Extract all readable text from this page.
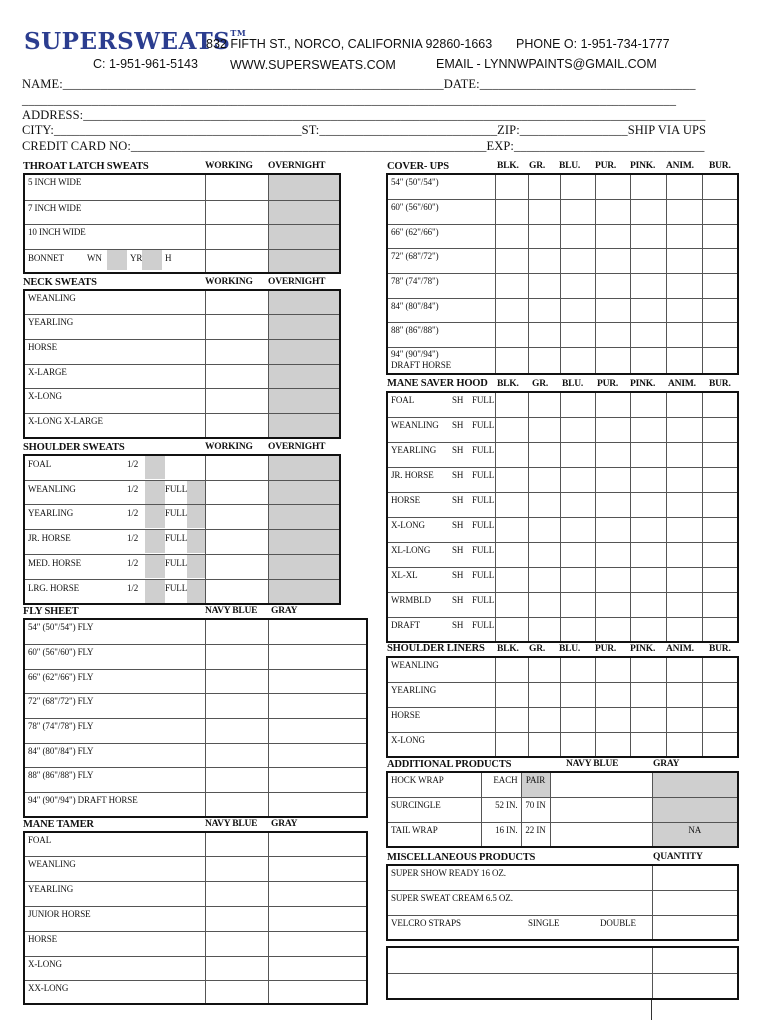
SUPERSWEATS™
832 FIFTH ST., NORCO, CALIFORNIA 92860-1663 PHONE O: 1-951-734-1777
C: 1-951-961-5143	WWW.SUPERSWEATS.COM	EMAIL - LYNNWPAINTS@GMAIL.COM
NAME:____________________________________________________________DATE:__________________________________
_______________________________________________________________________________________________________
ADDRESS:__________________________________________________________________________________________________
CITY:_______________________________________ST:____________________________ZIP:_________________SHIP VIA UPS
CREDIT CARD NO:________________________________________________________EXP:______________________________
THROAT LATCH SWEATS	WORKING OVERNIGHT
5 INCH WIDE		
7 INCH WIDE		
10 INCH WIDE		
BONNET WN YR H		
NECK SWEATS	WORKING OVERNIGHT
WEANLING		
YEARLING		
HORSE		
X-LARGE		
X-LONG		
X-LONG X-LARGE		
SHOULDER SWEATS	WORKING OVERNIGHT
FOAL 1/2		
WEANLING 1/2 FULL		
YEARLING 1/2 FULL		
JR. HORSE 1/2 FULL		
MED. HORSE 1/2 FULL		
LRG. HORSE 1/2 FULL		
FLY SHEET	NAVY BLUE GRAY
54" (50"/54") FLY		
60" (56"/60") FLY		
66" (62"/66") FLY		
72" (68"/72") FLY		
78" (74"/78") FLY		
84" (80"/84") FLY		
88" (86"/88") FLY		
94" (90"/94") DRAFT HORSE		
MANE TAMER	NAVY BLUE GRAY
FOAL		
WEANLING		
YEARLING		
JUNIOR HORSE		
HORSE		
X-LONG		
XX-LONG		
COVER- UPS	BLK. GR. BLU. PUR. PINK. ANIM. BUR.
54" (50"/54")							
60" (56"/60")							
66" (62"/66")							
72" (68"/72")							
78" (74"/78")							
84" (80"/84")							
88" (86"/88")							
94" (90"/94")
DRAFT HORSE							
MANE SAVER HOOD BLK. GR. BLU. PUR. PINK. ANIM. BUR.
FOAL SH FULL							
WEANLING SH FULL							
YEARLING SH FULL							
JR. HORSE SH FULL							
HORSE SH FULL							
X-LONG SH FULL							
XL-LONG SH FULL							
XL-XL SH FULL							
WRMBLD SH FULL							
DRAFT SH FULL							
SHOULDER LINERS BLK. GR. BLU. PUR. PINK. ANIM. BUR.
WEANLING							
YEARLING							
HORSE							
X-LONG							
ADDITIONAL PRODUCTS	NAVY BLUE	GRAY
HOCK WRAP	EACH	PAIR		
SURCINGLE	52 IN.	70 IN		
TAIL WRAP	16 IN.	22 IN		NA
MISCELLANEOUS PRODUCTS	QUANTITY
SUPER SHOW READY 16 OZ.	
SUPER SWEAT CREAM 6.5 OZ.	
VELCRO STRAPS SINGLE DOUBLE	
